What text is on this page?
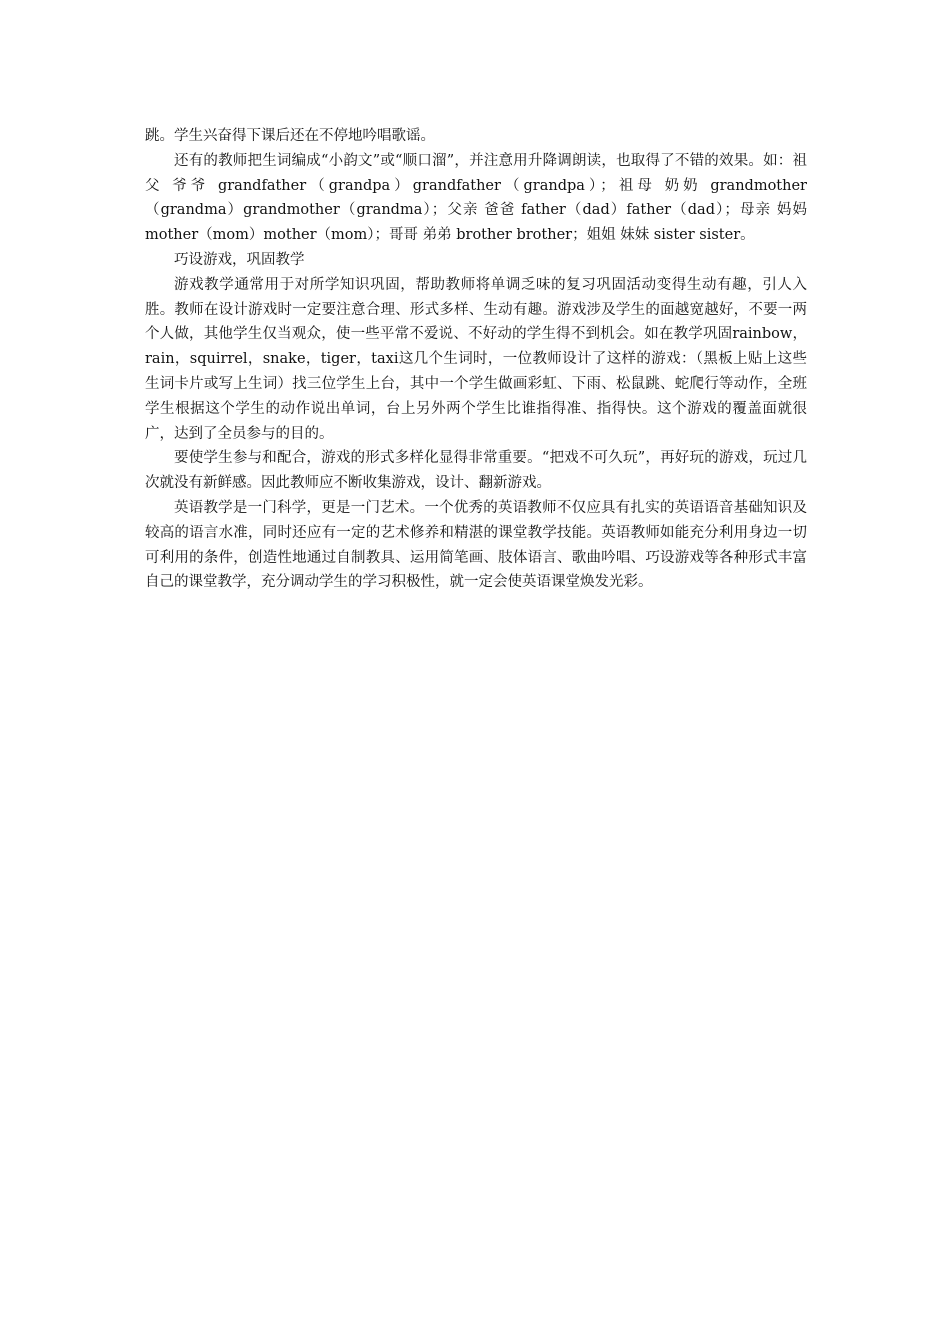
跳。学生兴奋得下课后还在不停地吟唱歌谣。

还有的教师把生词编成“小韵文”或“顺口溜”，并注意用升降调朗读，也取得了不错的效果。如：祖父 爷爷 grandfather（grandpa）grandfather（grandpa）；祖母 奶奶 grandmother（grandma）grandmother（grandma）；父亲 爸爸 father（dad）father（dad）；母亲 妈妈 mother（mom）mother（mom）；哥哥 弟弟 brother brother；姐姐 妹妹 sister sister。

巧设游戏，巩固教学

游戏教学通常用于对所学知识巩固，帮助教师将单调乏味的复习巩固活动变得生动有趣，引人入胜。教师在设计游戏时一定要注意合理、形式多样、生动有趣。游戏涉及学生的面越宽越好，不要一两个人做，其他学生仅当观众，使一些平常不爱说、不好动的学生得不到机会。如在教学巩固rainbow，rain，squirrel，snake，tiger，taxi这几个生词时，一位教师设计了这样的游戏：（黑板上贴上这些生词卡片或写上生词）找三位学生上台，其中一个学生做画彩虹、下雨、松鼠跳、蛇爬行等动作，全班学生根据这个学生的动作说出单词，台上另外两个学生比谁指得准、指得快。这个游戏的覆盖面就很广，达到了全员参与的目的。

要使学生参与和配合，游戏的形式多样化显得非常重要。“把戏不可久玩”，再好玩的游戏，玩过几次就没有新鲜感。因此教师应不断收集游戏，设计、翻新游戏。

英语教学是一门科学，更是一门艺术。一个优秀的英语教师不仅应具有扎实的英语语音基础知识及较高的语言水准，同时还应有一定的艺术修养和精湛的课堂教学技能。英语教师如能充分利用身边一切可利用的条件，创造性地通过自制教具、运用简笔画、肢体语言、歌曲吟唱、巧设游戏等各种形式丰富自己的课堂教学，充分调动学生的学习积极性，就一定会使英语课堂焕发光彩。
